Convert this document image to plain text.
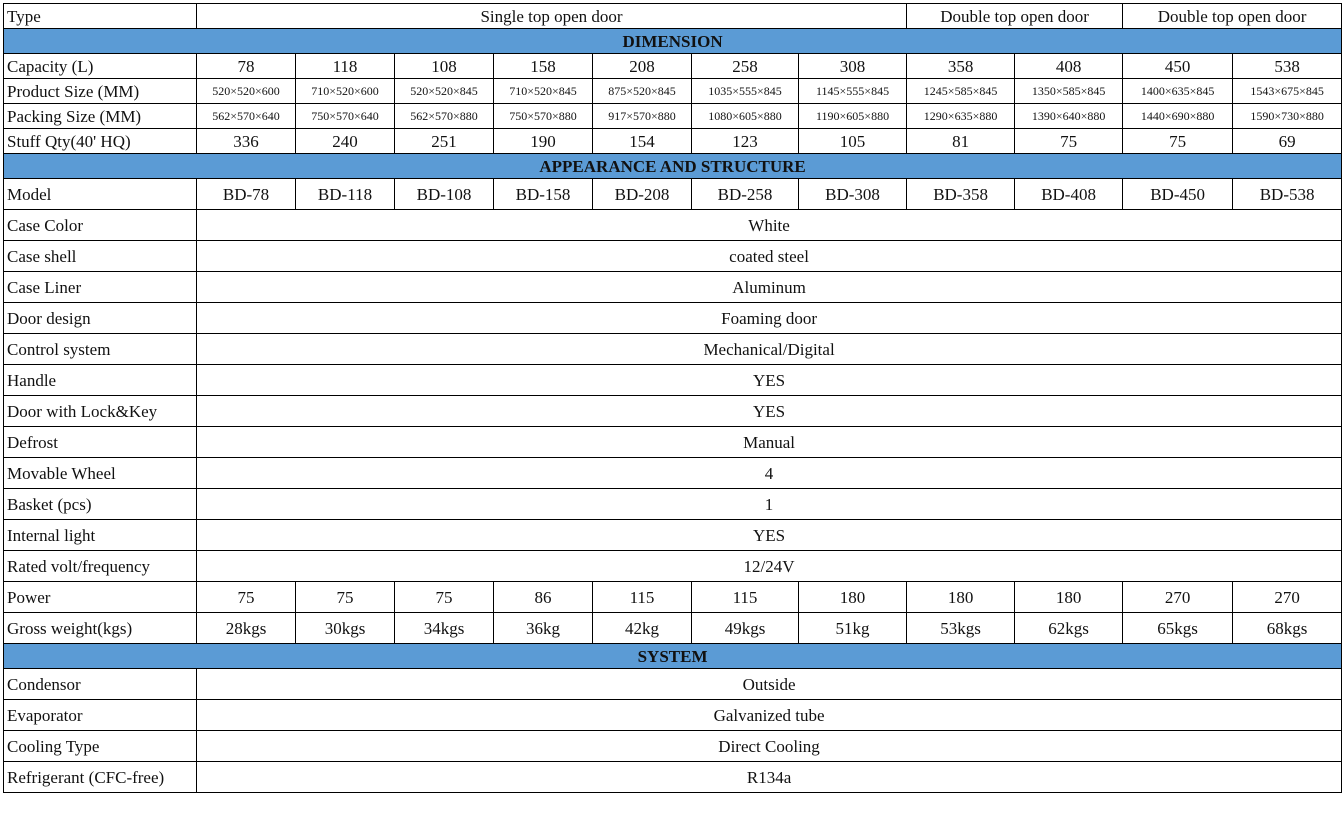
Type	Single top open door							Double top open door		Double top open door	
DIMENSION											
Capacity (L)	78	118	108	158	208	258	308	358	408	450	538
Product Size (MM)	520×520×600	710×520×600	520×520×845	710×520×845	875×520×845	1035×555×845	1145×555×845	1245×585×845	1350×585×845	1400×635×845	1543×675×845
Packing Size (MM)	562×570×640	750×570×640	562×570×880	750×570×880	917×570×880	1080×605×880	1190×605×880	1290×635×880	1390×640×880	1440×690×880	1590×730×880
Stuff Qty(40' HQ)	336	240	251	190	154	123	105	81	75	75	69
APPEARANCE AND STRUCTURE											
Model	BD-78	BD-118	BD-108	BD-158	BD-208	BD-258	BD-308	BD-358	BD-408	BD-450	BD-538
Case Color	White										
Case shell	coated steel										
Case Liner	Aluminum										
Door design	Foaming door										
Control system	Mechanical/Digital										
Handle	YES										
Door with Lock&Key	YES										
Defrost	Manual										
Movable Wheel	4										
Basket (pcs)	1										
Internal light	YES										
Rated volt/frequency	12/24V										
Power	75	75	75	86	115	115	180	180	180	270	270
Gross weight(kgs)	28kgs	30kgs	34kgs	36kg	42kg	49kgs	51kg	53kgs	62kgs	65kgs	68kgs
SYSTEM											
Condensor	Outside										
Evaporator	Galvanized tube										
Cooling Type	Direct Cooling										
Refrigerant (CFC-free)	R134a										
